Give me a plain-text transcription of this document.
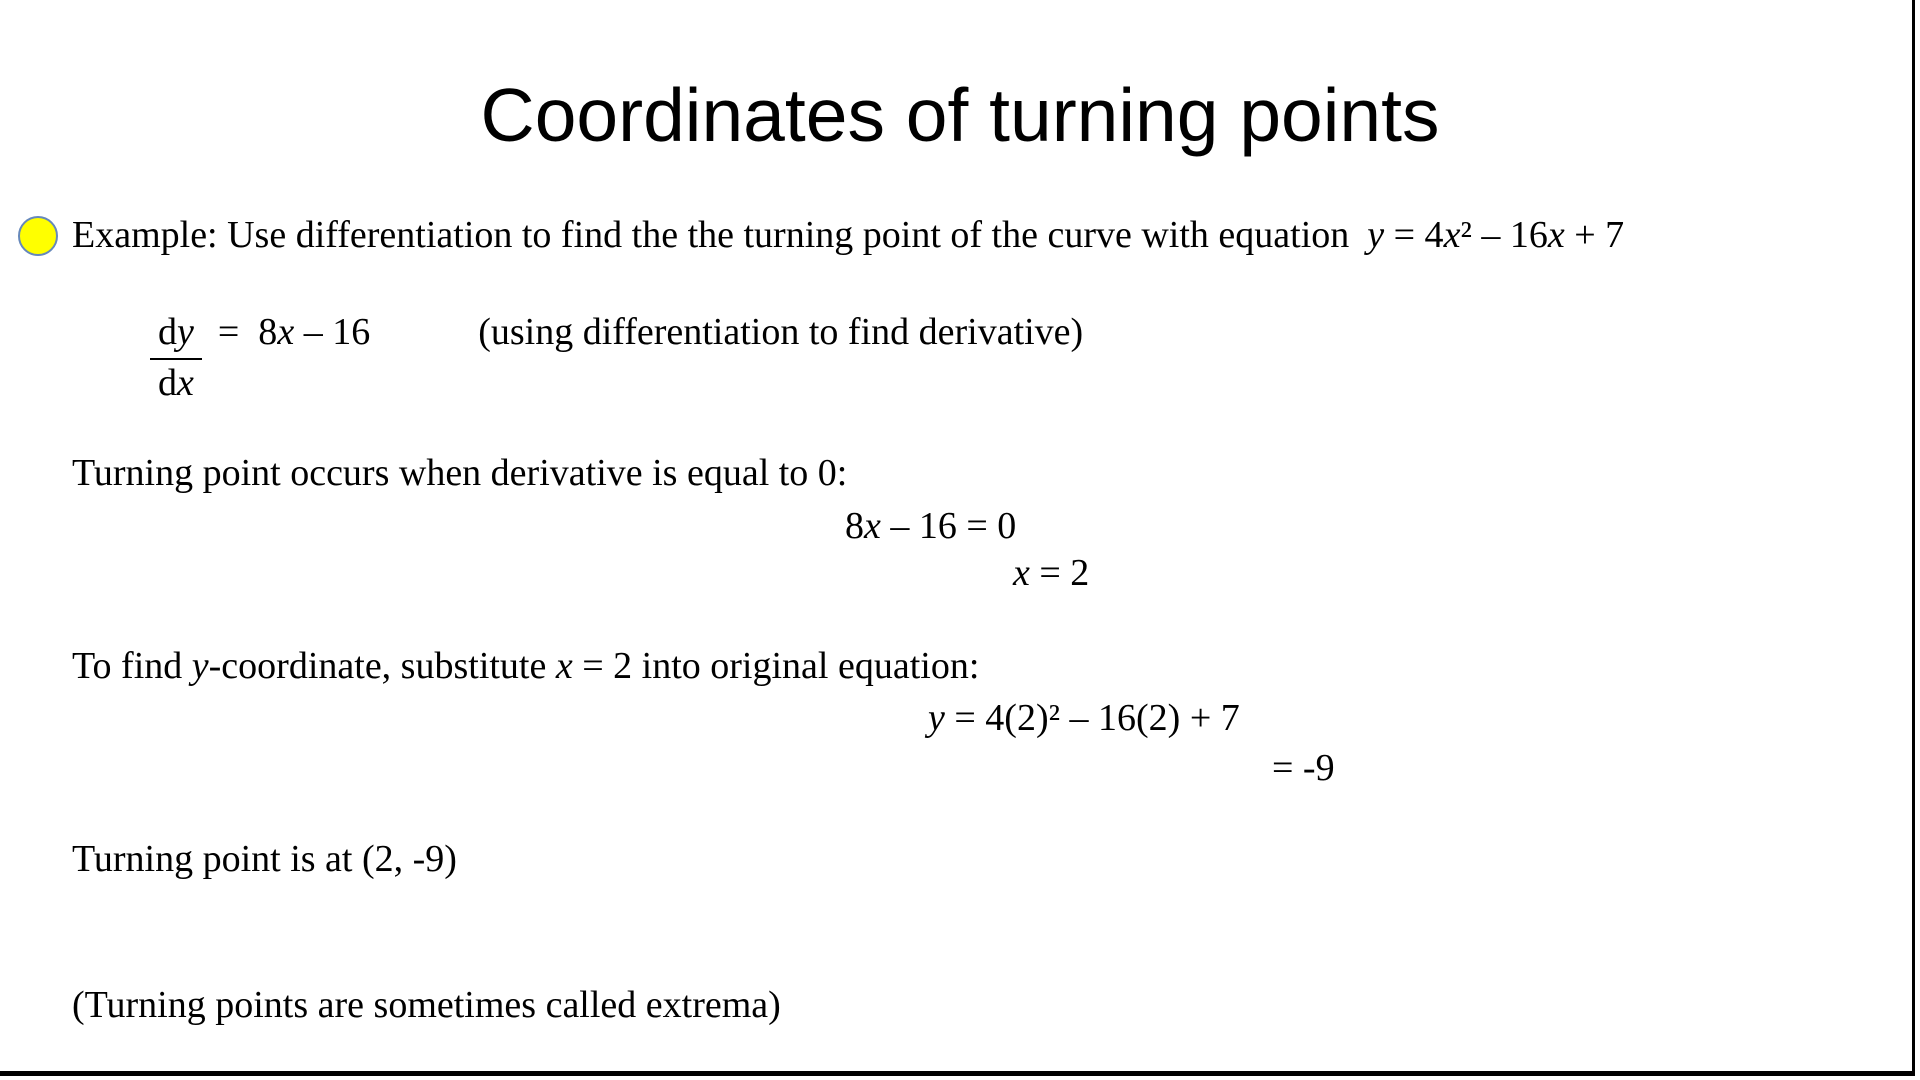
Coordinates of turning points
Example: Use differentiation to find the the turning point of the curve with equation y = 4x² – 16x + 7
$\frac{dy}{dx} = 8x - 16$	(using differentiation to find derivative)
Turning point occurs when derivative is equal to 0:
8x – 16 = 0
x = 2
To find y-coordinate, substitute x = 2 into original equation:
y = 4(2)² – 16(2) + 7
= -9
Turning point is at (2, -9)
(Turning points are sometimes called extrema)
